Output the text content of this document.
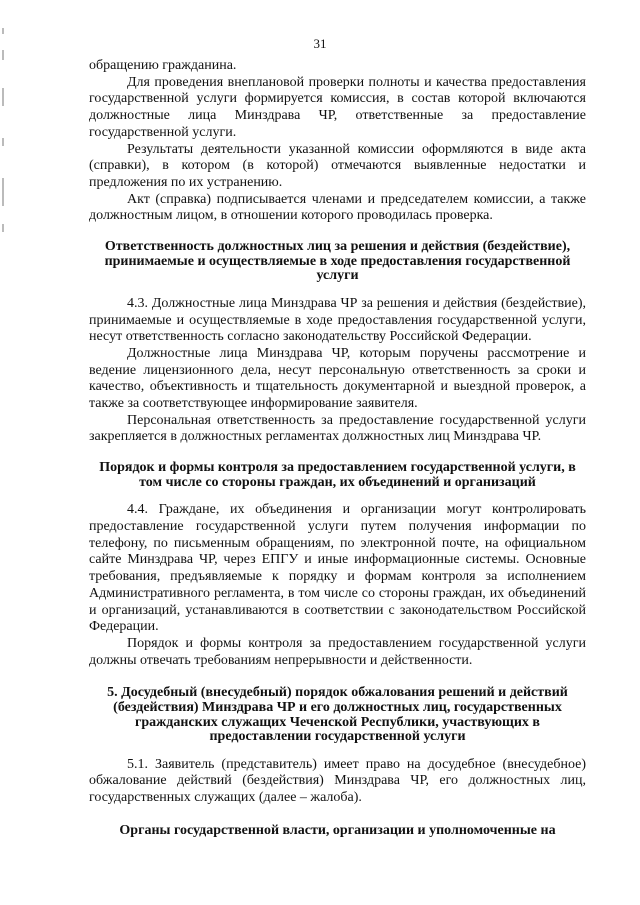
31

обращению гражданина.

Для проведения внеплановой проверки полноты и качества предоставления государственной услуги формируется комиссия, в состав которой включаются должностные лица Минздрава ЧР, ответственные за предоставление государственной услуги.

Результаты деятельности указанной комиссии оформляются в виде акта (справки), в котором (в которой) отмечаются выявленные недостатки и предложения по их устранению.

Акт (справка) подписывается членами и председателем комиссии, а также должностным лицом, в отношении которого проводилась проверка.

Ответственность должностных лиц за решения и действия (бездействие), принимаемые и осуществляемые в ходе предоставления государственной услуги

4.3. Должностные лица Минздрава ЧР за решения и действия (бездействие), принимаемые и осуществляемые в ходе предоставления государственной услуги, несут ответственность согласно законодательству Российской Федерации.

Должностные лица Минздрава ЧР, которым поручены рассмотрение и ведение лицензионного дела, несут персональную ответственность за сроки и качество, объективность и тщательность документарной и выездной проверок, а также за соответствующее информирование заявителя.

Персональная ответственность за предоставление государственной услуги закрепляется в должностных регламентах должностных лиц Минздрава ЧР.

Порядок и формы контроля за предоставлением государственной услуги, в том числе со стороны граждан, их объединений и организаций

4.4. Граждане, их объединения и организации могут контролировать предоставление государственной услуги путем получения информации по телефону, по письменным обращениям, по электронной почте, на официальном сайте Минздрава ЧР, через ЕПГУ и иные информационные системы. Основные требования, предъявляемые к порядку и формам контроля за исполнением Административного регламента, в том числе со стороны граждан, их объединений и организаций, устанавливаются в соответствии с законодательством Российской Федерации.

Порядок и формы контроля за предоставлением государственной услуги должны отвечать требованиям непрерывности и действенности.

5. Досудебный (внесудебный) порядок обжалования решений и действий (бездействия) Минздрава ЧР и его должностных лиц, государственных гражданских служащих Чеченской Республики, участвующих в предоставлении государственной услуги

5.1. Заявитель (представитель) имеет право на досудебное (внесудебное) обжалование действий (бездействия) Минздрава ЧР, его должностных лиц, государственных служащих (далее – жалоба).

Органы государственной власти, организации и уполномоченные на
